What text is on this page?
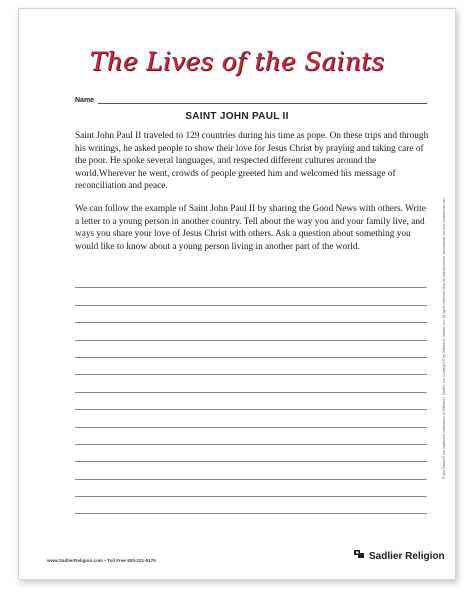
The Lives of the Saints
Name
SAINT JOHN PAUL II

Saint John Paul II traveled to 129 countries during his time as pope. On these trips and through his writings, he asked people to show their love for Jesus Christ by praying and taking care of the poor. He spoke several languages, and respected different cultures around the world.Wherever he went, crowds of people greeted him and welcomed his message of reconciliation and peace.

We can follow the example of Saint John Paul II by sharing the Good News with others. Write a letter to a young person in another country. Tell about the way you and your family live, and ways you share your love of Jesus Christ with others. Ask a question about something you would like to know about a young person living in another part of the world.	® and Sadlier® are registered trademarks of William H. Sadlier, Inc. Copyright © by William H. Sadlier, Inc. All rights reserved. May be reproduced for educational use (not commercial use).
www.SadlierReligion.com • Toll Free 800-221-5175	Sadlier Religion
